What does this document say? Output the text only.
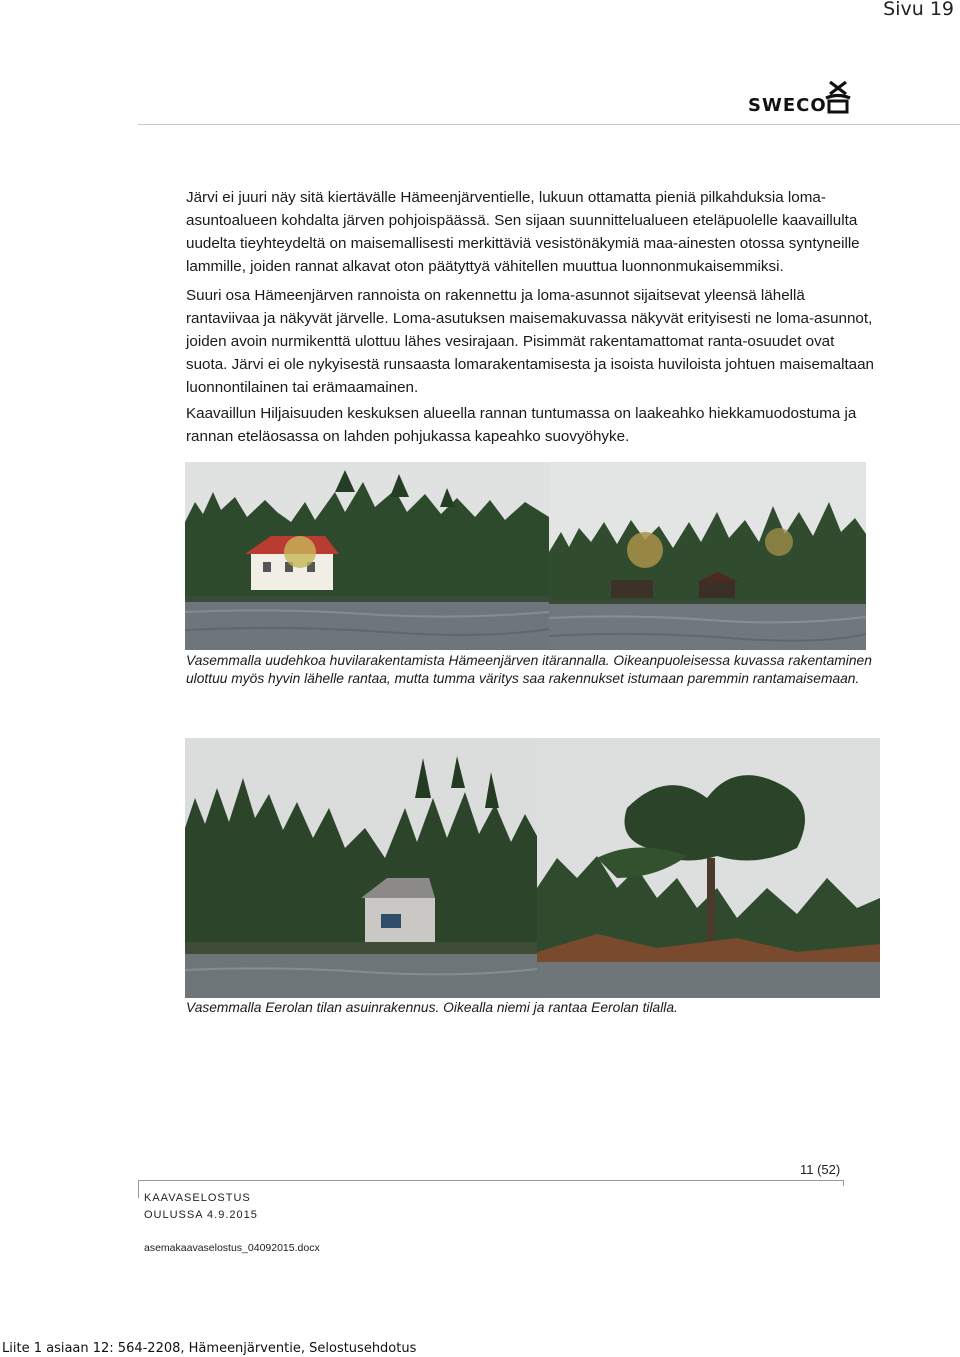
Sivu 19
SWECO

Järvi ei juuri näy sitä kiertävälle Hämeenjärventielle, lukuun ottamatta pieniä pilkahduksia loma-asuntoalueen kohdalta järven pohjoispäässä. Sen sijaan suunnittelualueen eteläpuolelle kaavaillulta uudelta tieyhteydeltä on maisemallisesti merkittäviä vesistönäkymiä maa-ainesten otossa syntyneille lammille, joiden rannat alkavat oton päätyttyä vähitellen muuttua luonnonmukaisemmiksi.

Suuri osa Hämeenjärven rannoista on rakennettu ja loma-asunnot sijaitsevat yleensä lähellä rantaviivaa ja näkyvät järvelle. Loma-asutuksen maisemakuvassa näkyvät erityisesti ne loma-asunnot, joiden avoin nurmikenttä ulottuu lähes vesirajaan. Pisimmät rakentamattomat ranta-osuudet ovat suota. Järvi ei ole nykyisestä runsaasta lomarakentamisesta ja isoista huviloista johtuen maisemaltaan luonnontilainen tai erämaamainen.

Kaavaillun Hiljaisuuden keskuksen alueella rannan tuntumassa on laakeahko hiekkamuodostuma ja rannan eteläosassa on lahden pohjukassa kapeahko suovyöhyke.

Vasemmalla uudehkoa huvilarakentamista Hämeenjärven itärannalla. Oikeanpuoleisessa kuvassa rakentaminen ulottuu myös hyvin lähelle rantaa, mutta tumma väritys saa rakennukset istumaan paremmin rantamaisemaan.

Vasemmalla Eerolan tilan asuinrakennus. Oikealla niemi ja rantaa Eerolan tilalla.

11 (52)
KAAVASELOSTUS
OULUSSA 4.9.2015
asemakaavaselostus_04092015.docx
Liite 1 asiaan 12: 564-2208, Hämeenjärventie, Selostusehdotus
